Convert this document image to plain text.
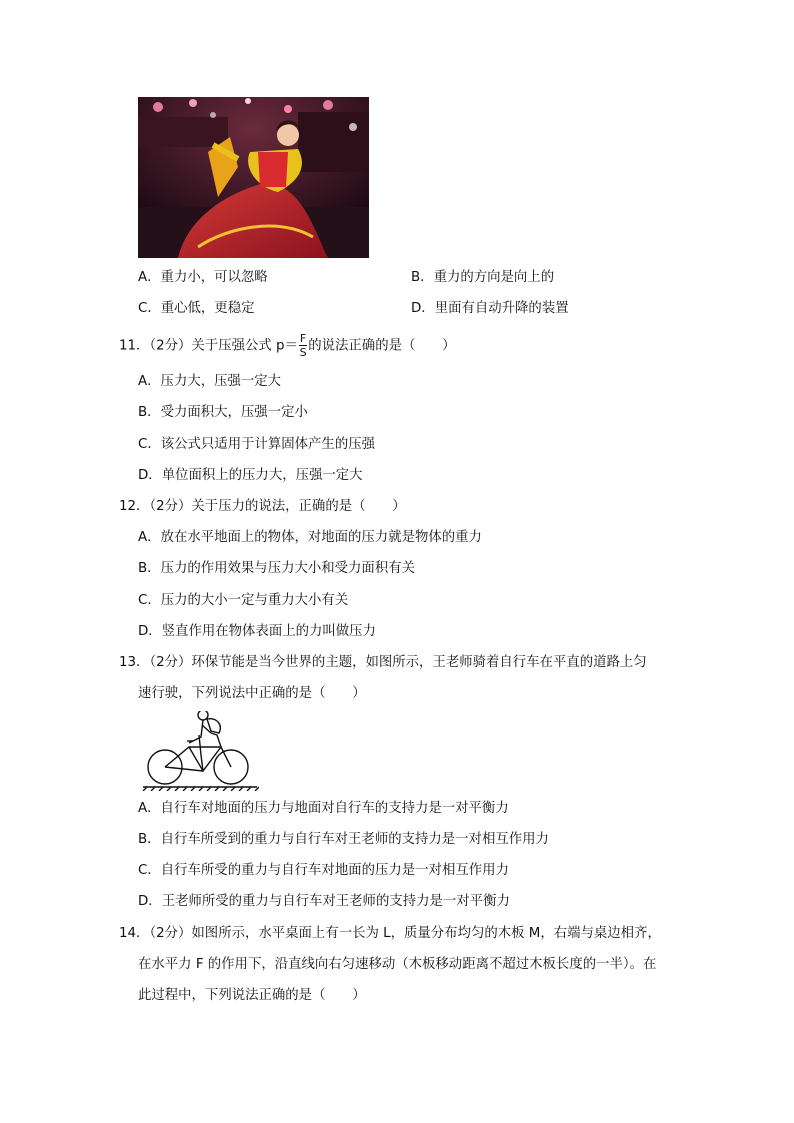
A．重力小，可以忽略	B．重力的方向是向上的
C．重心低，更稳定	D．里面有自动升降的装置
11．（2分）关于压强公式 $p= \frac{F}{S}$ 的说法正确的是（　　）
A．压力大，压强一定大
B．受力面积大，压强一定小
C．该公式只适用于计算固体产生的压强
D．单位面积上的压力大，压强一定大
12．（2分）关于压力的说法，正确的是（　　）
A．放在水平地面上的物体，对地面的压力就是物体的重力
B．压力的作用效果与压力大小和受力面积有关
C．压力的大小一定与重力大小有关
D．竖直作用在物体表面上的力叫做压力
13．（2分）环保节能是当今世界的主题，如图所示，王老师骑着自行车在平直的道路上匀
速行驶，下列说法中正确的是（　　）
A．自行车对地面的压力与地面对自行车的支持力是一对平衡力
B．自行车所受到的重力与自行车对王老师的支持力是一对相互作用力
C．自行车所受的重力与自行车对地面的压力是一对相互作用力
D．王老师所受的重力与自行车对王老师的支持力是一对平衡力
14．（2分）如图所示，水平桌面上有一长为 L，质量分布均匀的木板 M，右端与桌边相齐，
在水平力 F 的作用下，沿直线向右匀速移动（木板移动距离不超过木板长度的一半）。在
此过程中，下列说法正确的是（　　）
